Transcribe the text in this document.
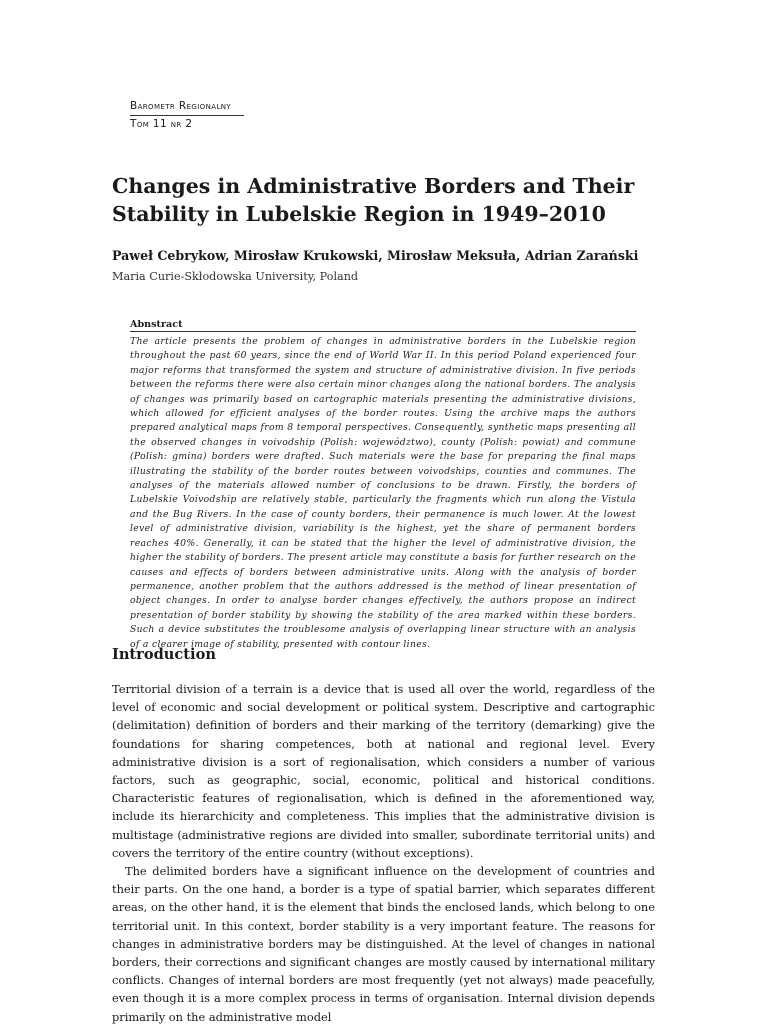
Barometr Regionalny
Tom 11 nr 2
Changes in Administrative Borders and Their Stability in Lubelskie Region in 1949–2010
Paweł Cebrykow, Mirosław Krukowski, Mirosław Meksuła, Adrian Zarański
Maria Curie-Skłodowska University, Poland
Abnstract
The article presents the problem of changes in administrative borders in the Lubelskie region throughout the past 60 years, since the end of World War II. In this period Poland experienced four major reforms that transformed the system and structure of administrative division. In five periods between the reforms there were also certain minor changes along the national borders. The analysis of changes was primarily based on cartographic materials presenting the administrative divisions, which allowed for efficient analyses of the border routes. Using the archive maps the authors prepared analytical maps from 8 temporal perspectives. Consequently, synthetic maps presenting all the observed changes in voivodship (Polish: województwo), county (Polish: powiat) and commune (Polish: gmina) borders were drafted. Such materials were the base for preparing the final maps illustrating the stability of the border routes between voivodships, counties and communes. The analyses of the materials allowed number of conclusions to be drawn. Firstly, the borders of Lubelskie Voivodship are relatively stable, particularly the fragments which run along the Vistula and the Bug Rivers. In the case of county borders, their permanence is much lower. At the lowest level of administrative division, variability is the highest, yet the share of permanent borders reaches 40%. Generally, it can be stated that the higher the level of administrative division, the higher the stability of borders. The present article may constitute a basis for further research on the causes and effects of borders between administrative units. Along with the analysis of border permanence, another problem that the authors addressed is the method of linear presentation of object changes. In order to analyse border changes effectively, the authors propose an indirect presentation of border stability by showing the stability of the area marked within these borders. Such a device substitutes the troublesome analysis of overlapping linear structure with an analysis of a clearer image of stability, presented with contour lines.
Introduction

Territorial division of a terrain is a device that is used all over the world, regardless of the level of economic and social development or political system. Descriptive and cartographic (delimitation) definition of borders and their marking of the territory (demarking) give the foundations for sharing competences, both at national and regional level. Every administrative division is a sort of regionalisation, which considers a number of various factors, such as geographic, social, economic, political and historical conditions. Characteristic features of regionalisation, which is defined in the aforementioned way, include its hierarchicity and completeness. This implies that the administrative division is multistage (administrative regions are divided into smaller, subordinate territorial units) and covers the territory of the entire country (without exceptions).

The delimited borders have a significant influence on the development of countries and their parts. On the one hand, a border is a type of spatial barrier, which separates different areas, on the other hand, it is the element that binds the enclosed lands, which belong to one territorial unit. In this context, border stability is a very important feature. The reasons for changes in administrative borders may be distinguished. At the level of changes in national borders, their corrections and significant changes are mostly caused by international military conflicts. Changes of internal borders are most frequently (yet not always) made peacefully, even though it is a more complex process in terms of organisation. Internal division depends primarily on the administrative model
